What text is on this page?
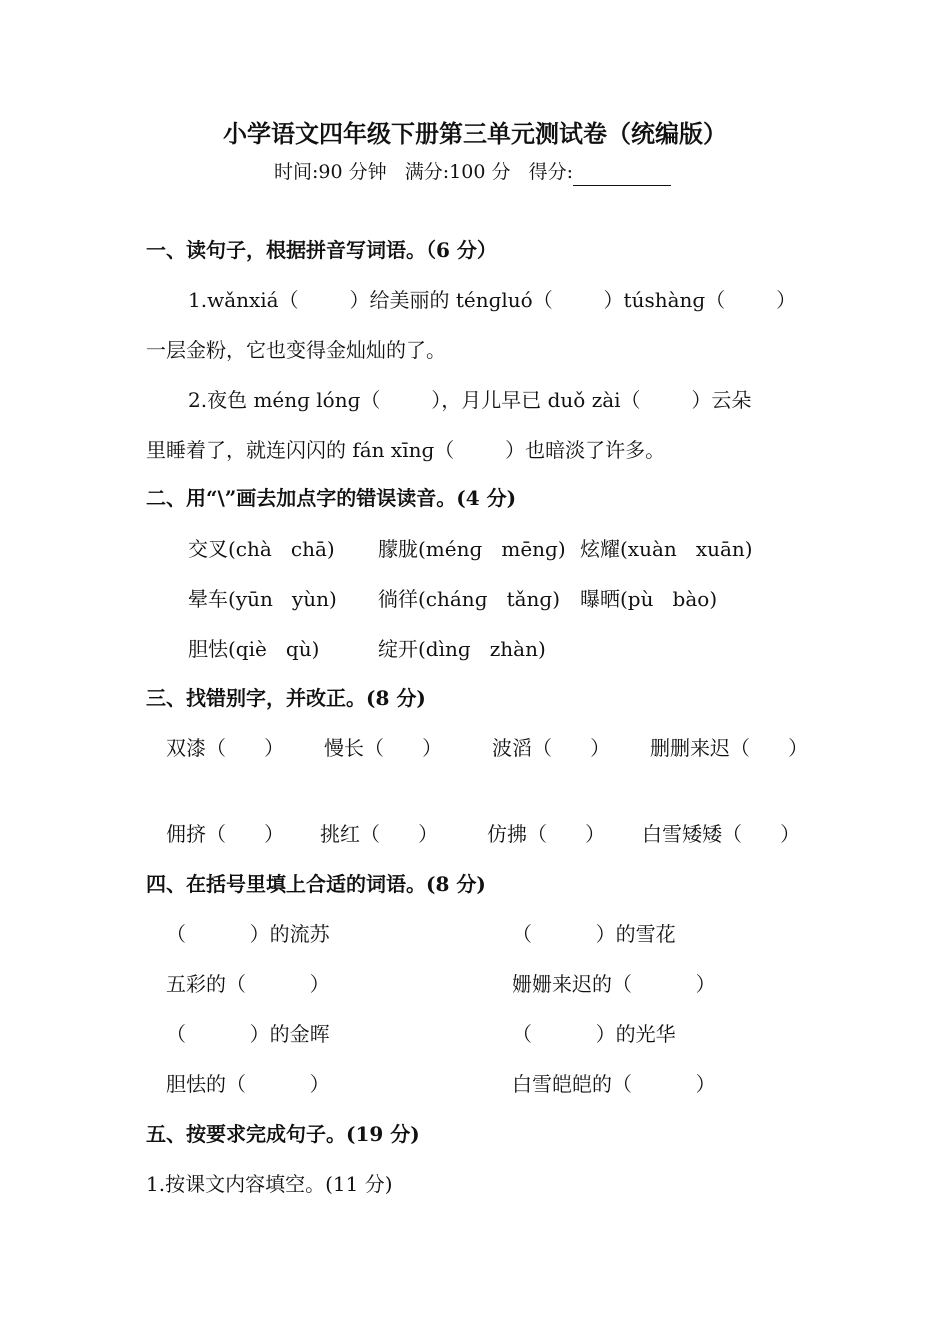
小学语文四年级下册第三单元测试卷（统编版）
时间:90 分钟 满分:100 分 得分:
一、读句子，根据拼音写词语。（6 分）
1.wǎnxiá（        ）给美丽的 ténɡluó（        ）túshànɡ（        ）
一层金粉，它也变得金灿灿的了。
2.夜色 ménɡ lónɡ（        ），月儿早已 duǒ zài（        ）云朵
里睡着了，就连闪闪的 fán xīnɡ（        ）也暗淡了许多。
二、用“\”画去加点字的错误读音。(4 分)
交叉(chà   chā) 朦胧(ménɡ   mēnɡ) 炫耀(xuàn   xuān)
晕车(yūn   yùn) 徜徉(chánɡ   tǎnɡ) 曝晒(pù   bào)
胆怯(qiè   qù)	绽开(dìnɡ   zhàn)
三、找错别字，并改正。(8 分)
双漆（      ） 慢长（      ） 波滔（      ） 删删来迟（      ）
佣挤（      ） 挑红（      ） 仿拂（      ） 白雪矮矮（      ）
四、在括号里填上合适的词语。(8 分)
（          ）的流苏	（          ）的雪花
五彩的（          ）	姗姗来迟的（          ）
（          ）的金晖	（          ）的光华
胆怯的（          ）	白雪皑皑的（          ）
五、按要求完成句子。(19 分)
1.按课文内容填空。(11 分)
